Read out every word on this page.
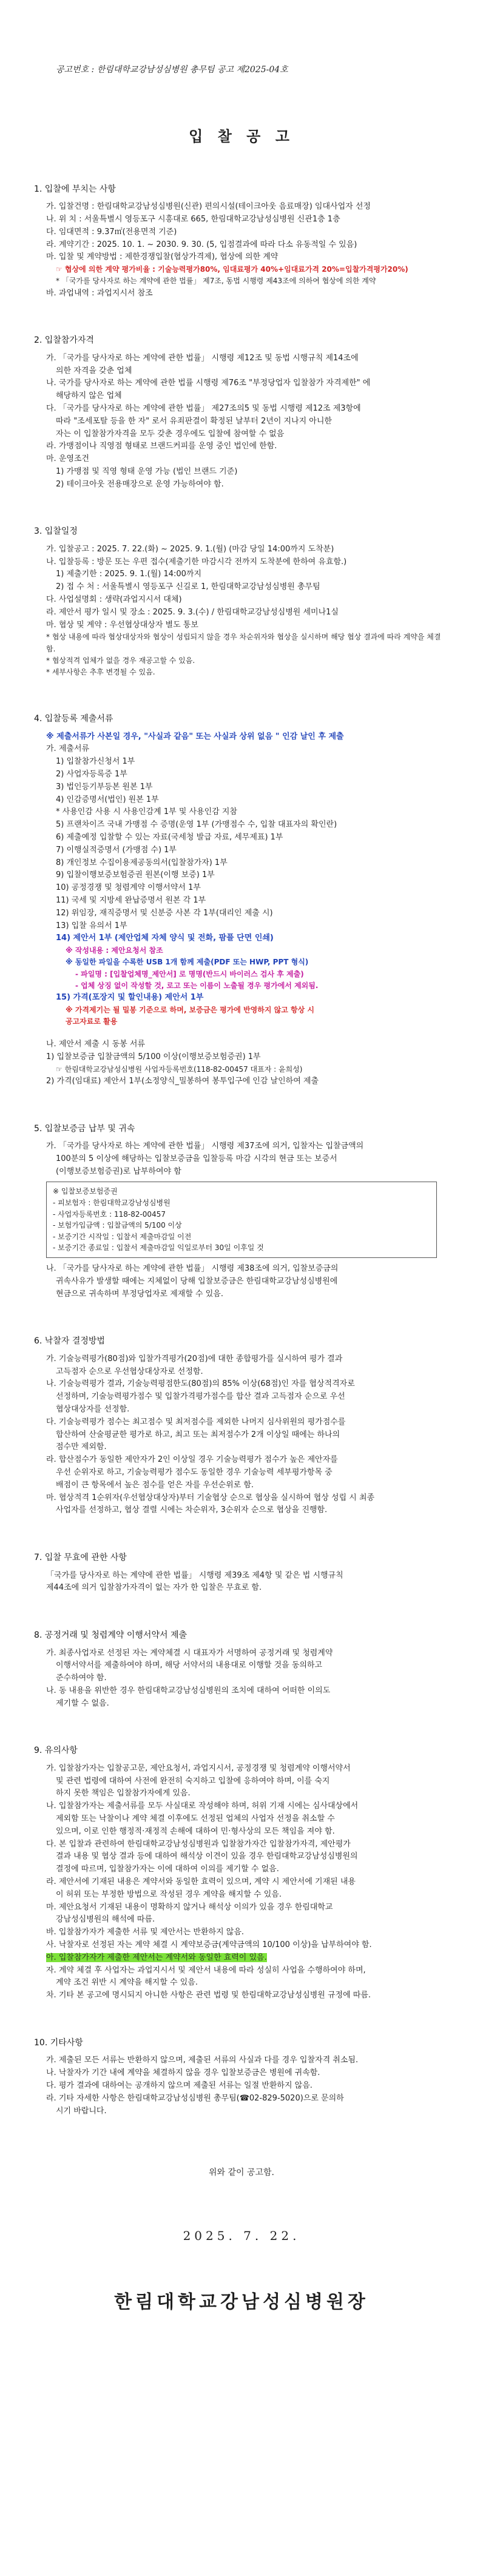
공고번호 : 한림대학교강남성심병원 총무팀 공고 제2025-04호

입 찰 공 고

1. 입찰에 부치는 사항

가. 입찰건명 : 한림대학교강남성심병원(신관) 편의시설(테이크아웃 음료매장) 임대사업자 선정

나. 위 치 : 서울특별시 영등포구 시흥대로 665, 한림대학교강남성심병원 신관1층 1층

다. 임대면적 : 9.37㎡(전용면적 기준)

라. 계약기간 : 2025. 10. 1. ~ 2030. 9. 30. (5, 입점결과에 따라 다소 유동적일 수 있음)

마. 입찰 및 계약방법 : 제한경쟁입찰(협상가격제), 협상에 의한 계약

☞ 협상에 의한 계약 평가비율 : 기술능력평가80%, 임대료평가 40%+임대료가격 20%=입찰가격평가20%)

* 「국가를 당사자로 하는 계약에 관한 법률」 제7조, 동법 시행령 제43조에 의하여 협상에 의한 계약

바. 과업내역 : 과업지시서 참조

2. 입찰참가자격

가. 「국가를 당사자로 하는 계약에 관한 법률」 시행령 제12조 및 동법 시행규칙 제14조에

의한 자격을 갖춘 업체

나. 국가를 당사자로 하는 계약에 관한 법률 시행령 제76조 "부정당업자 입찰참가 자격제한" 에

해당하지 않은 업체

다. 「국가를 당사자로 하는 계약에 관한 법률」 제27조의5 및 동법 시행령 제12조 제3항에

따라 "조세포탈 등을 한 자" 로서 유죄판결이 확정된 날부터 2년이 지나지 아니한

자는 이 입찰참가자격을 모두 갖춘 경우에도 입찰에 참여할 수 없음

라. 가맹점이나 직영점 형태로 브랜드커피를 운영 중인 법인에 한함.

마. 운영조건

1) 가맹점 및 직영 형태 운영 가능 (법인 브랜드 기준)

2) 테이크아웃 전용매장으로 운영 가능하여야 함.

3. 입찰일정

가. 입찰공고 : 2025. 7. 22.(화) ~ 2025. 9. 1.(월) (마감 당일 14:00까지 도착분)

나. 입찰등록 : 방문 또는 우편 접수(제출기한 마감시각 전까지 도착분에 한하여 유효함.)

1) 제출기한 : 2025. 9. 1.(월) 14:00까지

2) 접 수 처 : 서울특별시 영등포구 신길로 1, 한림대학교강남성심병원 총무팀

다. 사업설명회 : 생략(과업지시서 대체)

라. 제안서 평가 일시 및 장소 : 2025. 9. 3.(수) / 한림대학교강남성심병원 세미나1실

마. 협상 및 계약 : 우선협상대상자 별도 통보

* 협상 내용에 따라 협상대상자와 협상이 성립되지 않을 경우 차순위자와 협상을 실시하며 해당 협상 결과에 따라 계약을 체결함.

* 협상적격 업체가 없을 경우 재공고할 수 있음.

* 세부사항은 추후 변경될 수 있음.

4. 입찰등록 제출서류

※ 제출서류가 사본일 경우, "사실과 같음" 또는 사실과 상위 없음 " 인감 날인 후 제출

가. 제출서류

1) 입찰참가신청서 1부

2) 사업자등록증 1부

3) 법인등기부등본 원본 1부

4) 인감증명서(법인) 원본 1부

* 사용인감 사용 시 사용인감계 1부 및 사용인감 지참

5) 프랜차이즈 국내 가맹점 수 증명(운영 1부 (가맹점수 수, 입찰 대표자의 확인란)

6) 제출예정 입찰할 수 있는 자료(국세청 발급 자료, 세무제표) 1부

7) 이행실적증명서 (가맹점 수) 1부

8) 개인정보 수집이용제공동의서(입찰참가자) 1부

9) 입찰이행보증보험증권 원본(이행 보증) 1부

10) 공정경쟁 및 청렴계약 이행서약서 1부

11) 국세 및 지방세 완납증명서 원본 각 1부

12) 위임장, 재직증명서 및 신분증 사본 각 1부(대리인 제출 시)

13) 입찰 유의서 1부

14) 제안서 1부 (제안업체 자체 양식 및 전화, 팜플 단면 인쇄)

※ 작성내용 : 제안요청서 참조

※ 동일한 파일을 수록한 USB 1개 함께 제출(PDF 또는 HWP, PPT 형식)

- 파일명 : [입찰업체명_제안서] 로 명명(반드시 바이러스 검사 후 제출)

- 업체 상징 없이 작성할 것, 로고 또는 이름이 노출될 경우 평가에서 제외됨.

15) 가격(포장지 및 할인내용) 제안서 1부

※ 가격제기는 될 밀봉 기준으로 하며, 보증금은 평가에 반영하지 않고 항상 시

공고자료로 활용

나. 제안서 제출 시 동봉 서류

1) 입찰보증금 입찰금액의 5/100 이상(이행보증보험증권) 1부

☞ 한림대학교강남성심병원 사업자등록번호(118-82-00457 대표자 : 윤희성)

2) 가격(임대료) 제안서 1부(소정양식_밀봉하여 봉투입구에 인감 날인하여 제출

5. 입찰보증금 납부 및 귀속

가. 「국가를 당사자로 하는 계약에 관한 법률」 시행령 제37조에 의거, 입찰자는 입찰금액의

100분의 5 이상에 해당하는 입찰보증금을 입찰등록 마감 시각의 현금 또는 보증서

(이행보증보험증권)로 납부하여야 함

※ 입찰보증보험증권

- 피보험자 : 한림대학교강남성심병원

- 사업자등록번호 : 118-82-00457

- 보험가입금액 : 입찰금액의 5/100 이상

- 보증기간 시작일 : 입찰서 제출마감일 이전

- 보증기간 종료일 : 입찰서 제출마감일 익일로부터 30일 이후일 것

나. 「국가를 당사자로 하는 계약에 관한 법률」 시행령 제38조에 의거, 입찰보증금의

귀속사유가 발생할 때에는 지체없이 당해 입찰보증금은 한림대학교강남성심병원에

현금으로 귀속하며 부정당업자로 제재할 수 있음.

6. 낙찰자 결정방법

가. 기술능력평가(80점)와 입찰가격평가(20점)에 대한 종합평가를 실시하여 평가 결과

고득점자 순으로 우선협상대상자로 선정함.

나. 기술능력평가 결과, 기술능력평점한도(80점)의 85% 이상(68점)인 자를 협상적격자로

선정하며, 기술능력평가점수 및 입찰가격평가점수를 합산 결과 고득점자 순으로 우선

협상대상자를 선정함.

다. 기술능력평가 점수는 최고점수 및 최저점수를 제외한 나머지 심사위원의 평가점수를

합산하여 산술평균한 평가로 하고, 최고 또는 최저점수가 2개 이상일 때에는 하나의

점수만 제외함.

라. 합산점수가 동일한 제안자가 2인 이상일 경우 기술능력평가 점수가 높은 제안자를

우선 순위자로 하고, 기술능력평가 점수도 동일한 경우 기술능력 세부평가항목 중

배점이 큰 항목에서 높은 점수를 얻은 자를 우선순위로 함.

마. 협상적격 1순위자(우선협상대상자)부터 기술협상 순으로 협상을 실시하여 협상 성립 시 최종

사업자를 선정하고, 협상 결렬 시에는 차순위자, 3순위자 순으로 협상을 진행함.

7. 입찰 무효에 관한 사항

「국가를 당사자로 하는 계약에 관한 법률」 시행령 제39조 제4항 및 같은 법 시행규칙

제44조에 의거 입찰참가자격이 없는 자가 한 입찰은 무효로 함.

8. 공정거래 및 청렴계약 이행서약서 제출

가. 최종사업자로 선정된 자는 계약체결 시 대표자가 서명하여 공정거래 및 청렴계약

이행서약서를 제출하여야 하며, 해당 서약서의 내용대로 이행할 것을 동의하고

준수하여야 함.

나. 동 내용을 위반한 경우 한림대학교강남성심병원의 조치에 대하여 어떠한 이의도

제기할 수 없음.

9. 유의사항

가. 입찰참가자는 입찰공고문, 제안요청서, 과업지시서, 공정경쟁 및 청렴계약 이행서약서

및 관련 법령에 대하여 사전에 완전히 숙지하고 입찰에 응하여야 하며, 이를 숙지

하지 못한 책임은 입찰참가자에게 있음.

나. 입찰참가자는 제출서류를 모두 사실대로 작성해야 하며, 허위 기재 시에는 심사대상에서

제외함 또는 낙찰이나 계약 체결 이후에도 선정된 업체의 사업자 선정을 취소할 수

있으며, 이로 인한 행정적·재정적 손해에 대하여 민·형사상의 모든 책임을 져야 함.

다. 본 입찰과 관련하여 한림대학교강남성심병원과 입찰참가자간 입찰참가자격, 제안평가

결과 내용 및 협상 결과 등에 대하여 해석상 이견이 있을 경우 한림대학교강남성심병원의

결정에 따르며, 입찰참가자는 이에 대하여 이의를 제기할 수 없음.

라. 제안서에 기재된 내용은 계약서와 동일한 효력이 있으며, 계약 시 제안서에 기재된 내용

이 허위 또는 부정한 방법으로 작성된 경우 계약을 해지할 수 있음.

마. 제안요청서 기재된 내용이 명확하지 않거나 해석상 이의가 있을 경우 한림대학교

강남성심병원의 해석에 따름.

바. 입찰참가자가 제출한 서류 및 제안서는 반환하지 않음.

사. 낙찰자로 선정된 자는 계약 체결 시 계약보증금(계약금액의 10/100 이상)을 납부하여야 함.

아. 입찰참가자가 제출한 제안서는 계약서와 동일한 효력이 있음.

자. 계약 체결 후 사업자는 과업지시서 및 제안서 내용에 따라 성실히 사업을 수행하여야 하며,

계약 조건 위반 시 계약을 해지할 수 있음.

차. 기타 본 공고에 명시되지 아니한 사항은 관련 법령 및 한림대학교강남성심병원 규정에 따름.

10. 기타사항

가. 제출된 모든 서류는 반환하지 않으며, 제출된 서류의 사실과 다를 경우 입찰자격 취소됨.

나. 낙찰자가 기간 내에 계약을 체결하지 않을 경우 입찰보증금은 병원에 귀속함.

다. 평가 결과에 대하여는 공개하지 않으며 제출된 서류는 일절 반환하지 않음.

라. 기타 자세한 사항은 한림대학교강남성심병원 총무팀(☎02-829-5020)으로 문의하

시기 바랍니다.

위와 같이 공고함.

2025. 7. 22.

한림대학교강남성심병원장
